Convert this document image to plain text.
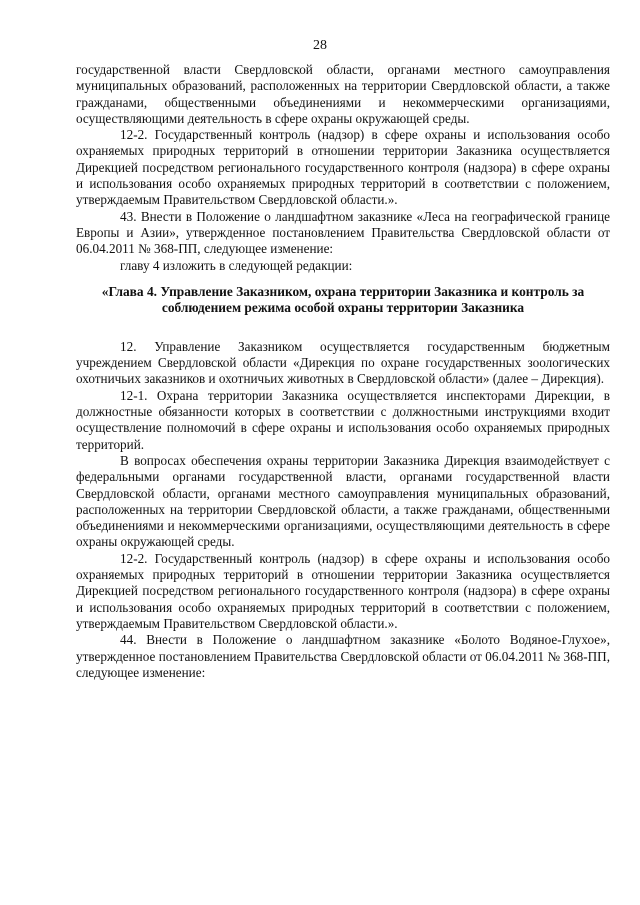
28

государственной власти Свердловской области, органами местного самоуправления муниципальных образований, расположенных на территории Свердловской области, а также гражданами, общественными объединениями и некоммерческими организациями, осуществляющими деятельность в сфере охраны окружающей среды.

12-2. Государственный контроль (надзор) в сфере охраны и использования особо охраняемых природных территорий в отношении территории Заказника осуществляется Дирекцией посредством регионального государственного контроля (надзора) в сфере охраны и использования особо охраняемых природных территорий в соответствии с положением, утверждаемым Правительством Свердловской области.».

43. Внести в Положение о ландшафтном заказнике «Леса на географической границе Европы и Азии», утвержденное постановлением Правительства Свердловской области от 06.04.2011 № 368-ПП, следующее изменение:

главу 4 изложить в следующей редакции:

«Глава 4. Управление Заказником, охрана территории Заказника и контроль за соблюдением режима особой охраны территории Заказника

12. Управление Заказником осуществляется государственным бюджетным учреждением Свердловской области «Дирекция по охране государственных зоологических охотничьих заказников и охотничьих животных в Свердловской области» (далее – Дирекция).

12-1. Охрана территории Заказника осуществляется инспекторами Дирекции, в должностные обязанности которых в соответствии с должностными инструкциями входит осуществление полномочий в сфере охраны и использования особо охраняемых природных территорий.

В вопросах обеспечения охраны территории Заказника Дирекция взаимодействует с федеральными органами государственной власти, органами государственной власти Свердловской области, органами местного самоуправления муниципальных образований, расположенных на территории Свердловской области, а также гражданами, общественными объединениями и некоммерческими организациями, осуществляющими деятельность в сфере охраны окружающей среды.

12-2. Государственный контроль (надзор) в сфере охраны и использования особо охраняемых природных территорий в отношении территории Заказника осуществляется Дирекцией посредством регионального государственного контроля (надзора) в сфере охраны и использования особо охраняемых природных территорий в соответствии с положением, утверждаемым Правительством Свердловской области.».

44. Внести в Положение о ландшафтном заказнике «Болото Водяное-Глухое», утвержденное постановлением Правительства Свердловской области от 06.04.2011 № 368-ПП, следующее изменение:
